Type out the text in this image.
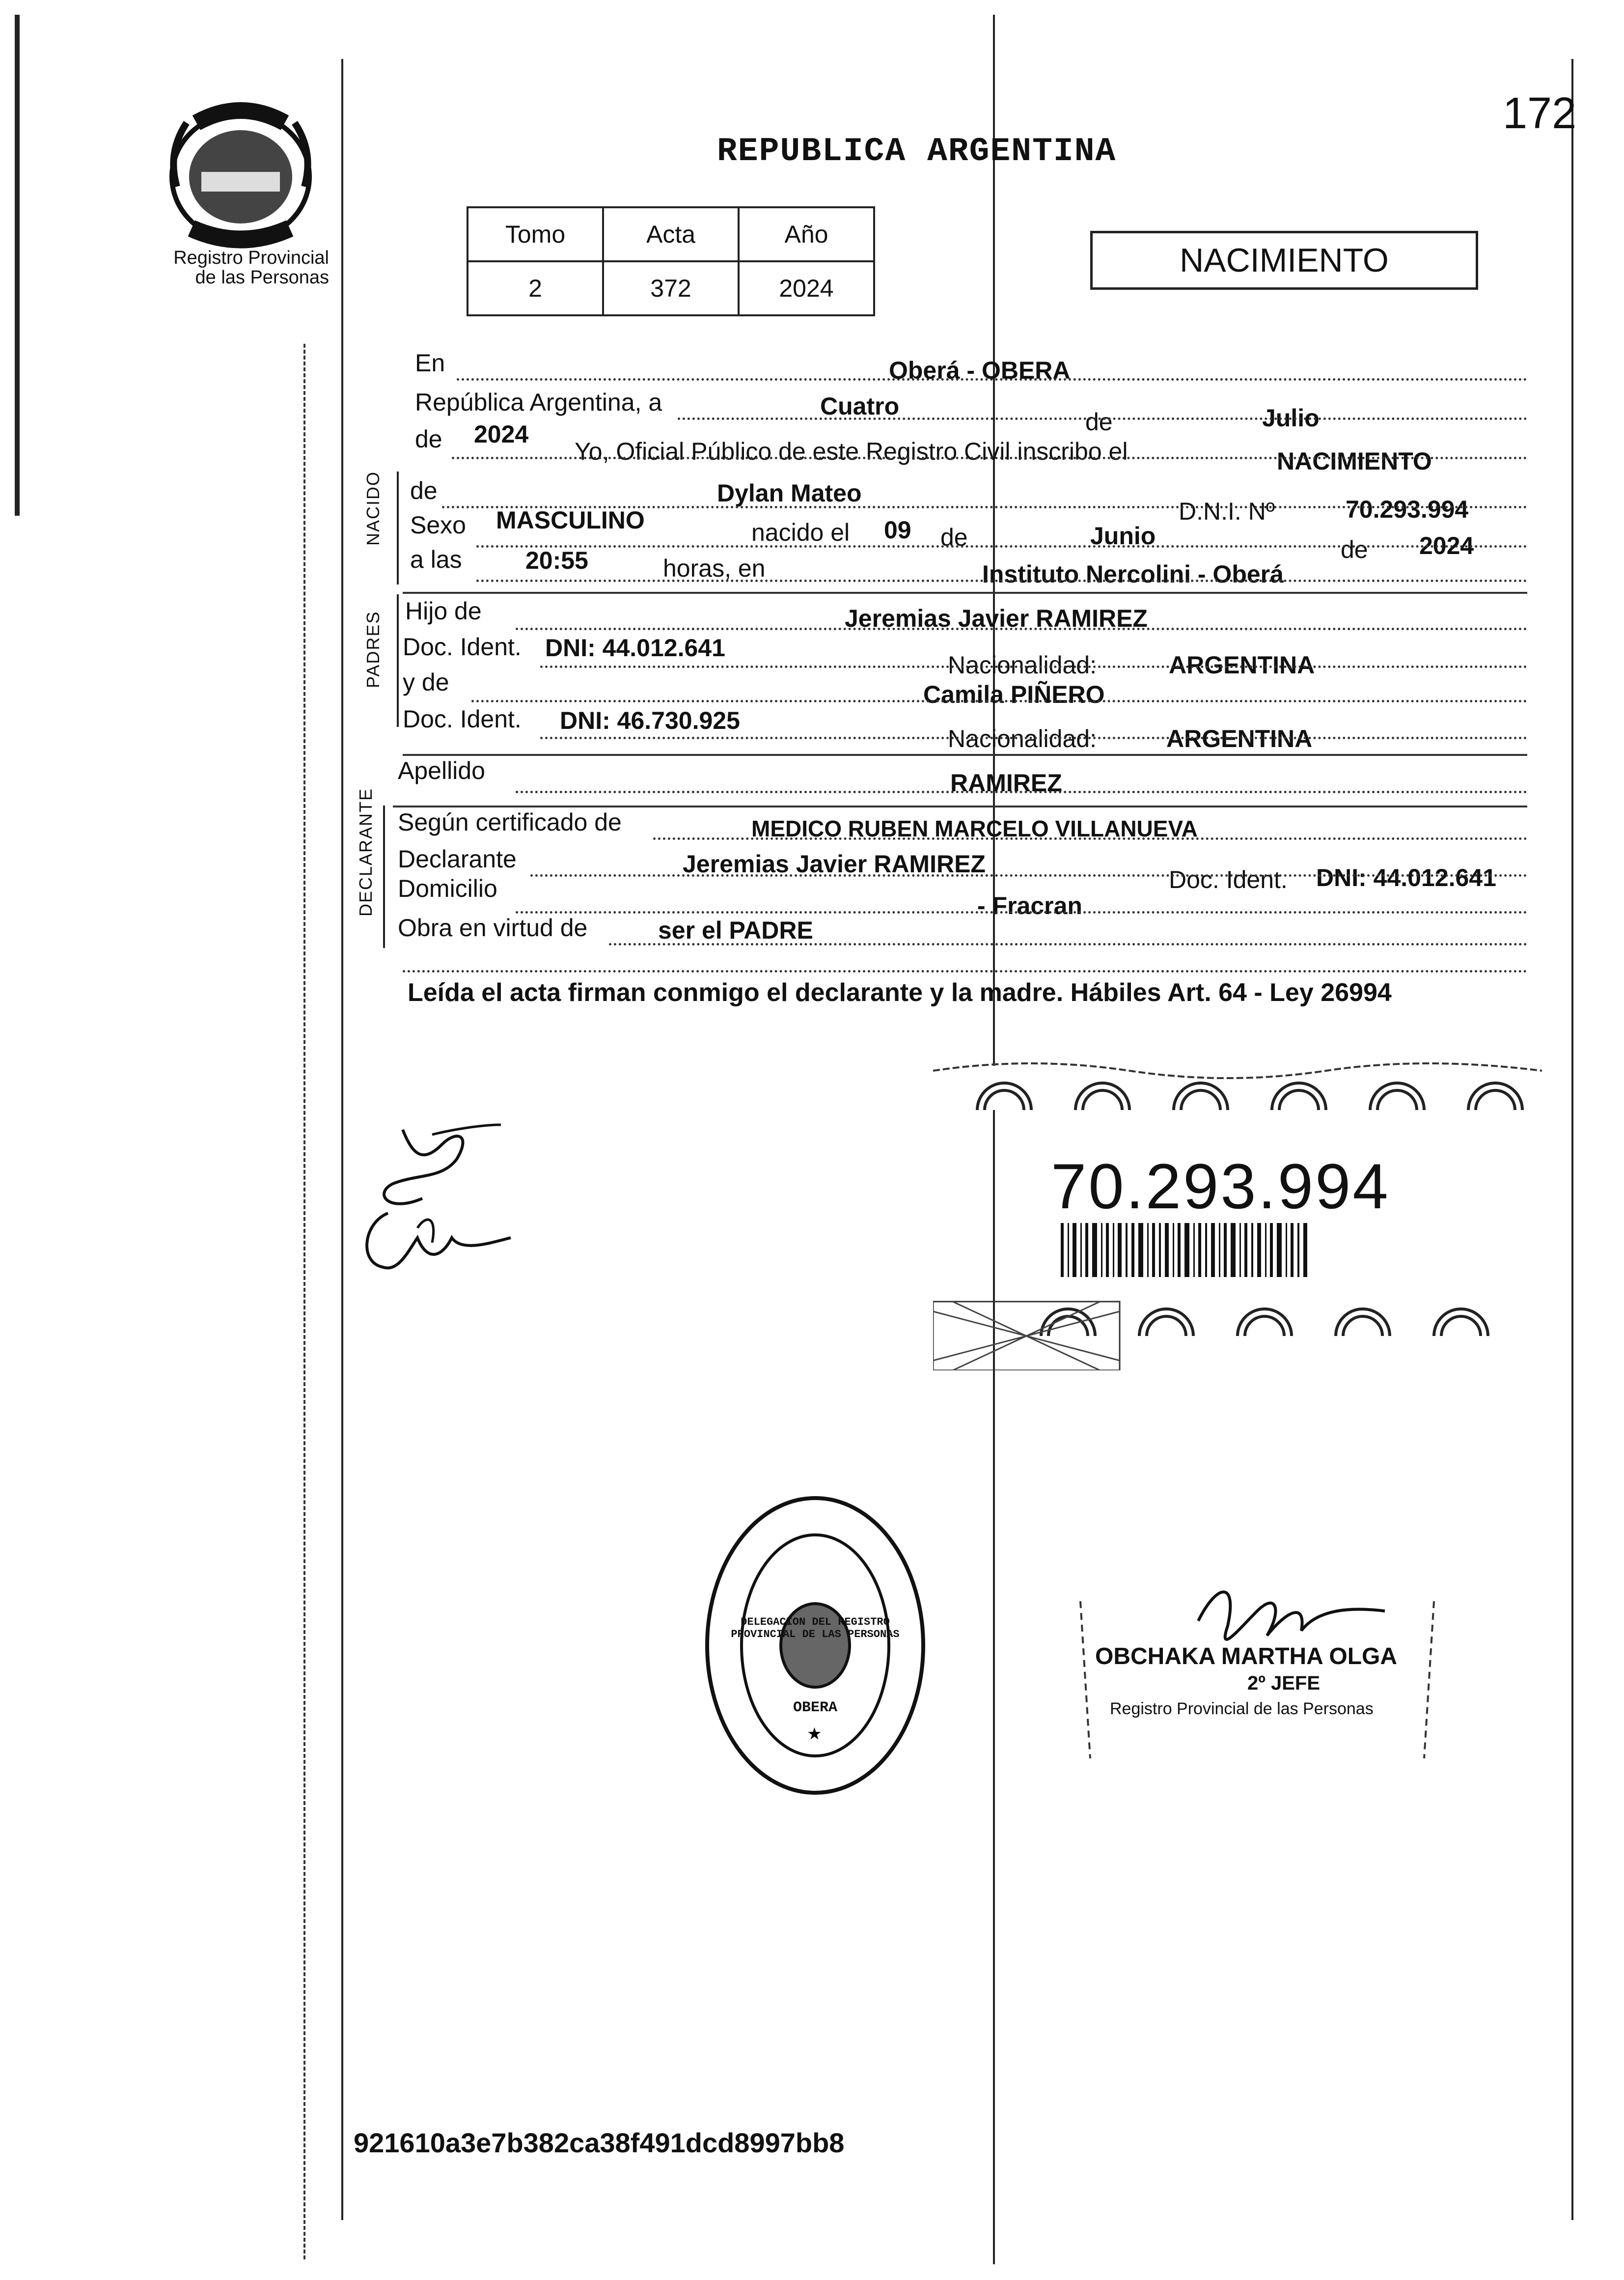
Registro Provincial
de las Personas
172
REPUBLICA ARGENTINA
Tomo	Acta	Año
2	372	2024
NACIMIENTO
NACIDO
PADRES
DECLARANTE
En	Oberá - OBERA
República Argentina, a	Cuatro
de	Julio
de 2024
Yo, Oficial Público de este Registro Civil inscribo el	NACIMIENTO
de	Dylan Mateo
D.N.I. Nº	70.293.994
Sexo MASCULINO	nacido el 09 de	Junio	de 2024
a las	20:55	horas, en	Instituto Nercolini - Oberá
Hijo de	Jeremias Javier RAMIREZ
Doc. Ident. DNI: 44.012.641
Nacionalidad:	ARGENTINA
y de	Camila PIÑERO
Doc. Ident. DNI: 46.730.925
Nacionalidad:	ARGENTINA
Apellido	RAMIREZ
Según certificado de	MEDICO RUBEN MARCELO VILLANUEVA
Declarante	Jeremias Javier RAMIREZ
Doc. Ident. DNI: 44.012.641
Domicilio
- Fracran
Obra en virtud de	ser el PADRE
Leída el acta firman conmigo el declarante y la madre. Hábiles Art. 64 - Ley 26994
70.293.994
★
DELEGACION DEL REGISTRO PROVINCIAL DE LAS PERSONAS
OBERA
OBCHAKA MARTHA OLGA
2º JEFE
Registro Provincial de las Personas
921610a3e7b382ca38f491dcd8997bb8
